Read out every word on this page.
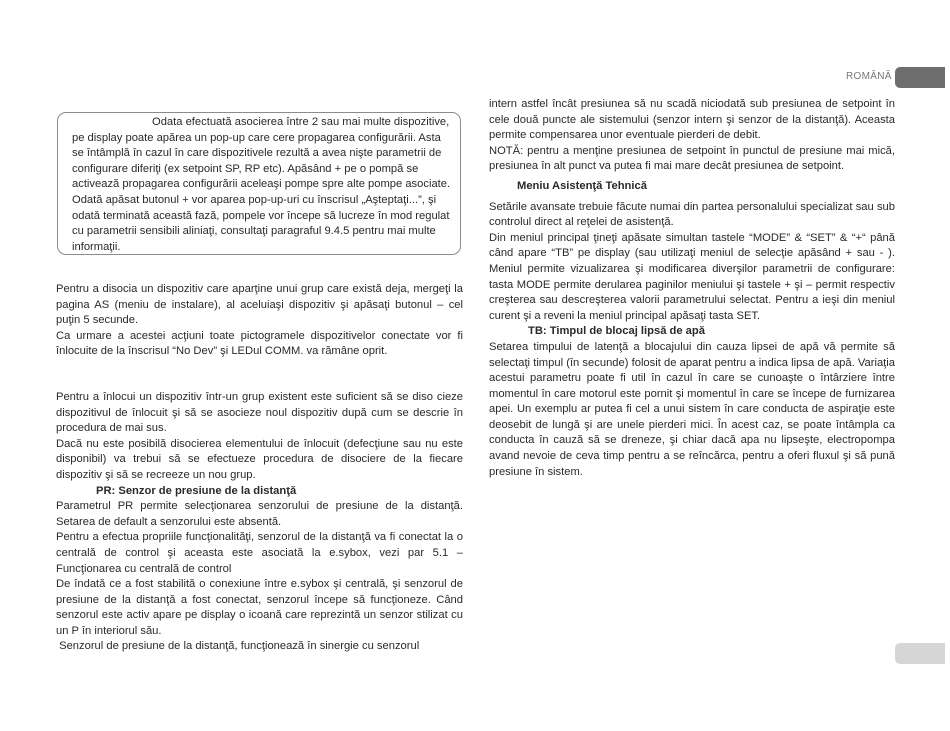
ROMÂNĂ

Odata efectuată asocierea între 2 sau mai multe dispozitive, pe display poate apărea un pop-up care cere propagarea configurării. Asta se întâmplă în cazul în care dispozitivele rezultă a avea nişte parametrii de configurare diferiţi (ex setpoint SP, RP etc). Apăsând + pe o pompă se activează propagarea configurării aceleaşi pompe spre alte pompe asociate. Odată apăsat butonul + vor aparea pop-up-uri cu înscrisul „Aşteptaţi...”, şi odată terminată această fază, pompele vor începe să lucreze în mod regulat cu parametrii sensibili aliniaţi, consultaţi paragraful 9.4.5 pentru mai multe informaţii.

Pentru a disocia un dispozitiv care aparţine unui grup care există deja, mergeţi la pagina AS (meniu de instalare), al aceluiaşi dispozitiv şi apăsaţi butonul – cel puţin 5 secunde.

Ca urmare a acestei acţiuni toate pictogramele dispozitivelor conectate vor fi înlocuite de la înscrisul “No Dev” şi LEDul COMM. va rămâne oprit.

Pentru a înlocui un dispozitiv într-un grup existent este suficient să se diso cieze dispozitivul de înlocuit şi să se asocieze noul dispozitiv după cum se descrie în procedura de mai sus.

Dacă nu este posibilă disocierea elementului de înlocuit (defecţiune sau nu este disponibil) va trebui să se efectueze procedura de disociere de la fiecare dispozitiv şi să se recreeze un nou grup.

PR: Senzor de presiune de la distanţă

Parametrul PR permite selecţionarea senzorului de presiune de la distanţă. Setarea de default a senzorului este absentă.

Pentru a efectua propriile funcţionalităţi, senzorul de la distanţă va fi conectat la o centrală de control şi aceasta este asociată la e.sybox, vezi par 5.1 – Funcţionarea cu centrală de control

De îndată ce a fost stabilită o conexiune între e.sybox şi centrală, şi senzorul de presiune de la distanţă a fost conectat, senzorul începe să funcţioneze. Când senzorul este activ apare pe display o icoană care reprezintă un senzor stilizat cu un P în interiorul său.

Senzorul de presiune de la distanţă, funcţionează în sinergie cu senzorul

intern astfel încât presiunea să nu scadă niciodată sub presiunea de setpoint în cele două puncte ale sistemului (senzor intern şi senzor de la distanţă). Aceasta permite compensarea unor eventuale pierderi de debit.

NOTĂ: pentru a menţine presiunea de setpoint în punctul de presiune mai mică, presiunea în alt punct va putea fi mai mare decât presiunea de setpoint.

Meniu Asistenţă Tehnică

Setările avansate trebuie făcute numai din partea personalului specializat sau sub controlul direct al reţelei de asistenţă.

Din meniul principal ţineţi apăsate simultan tastele “MODE” & “SET” & “+“ până când apare “TB” pe display (sau utilizaţi meniul de selecţie apăsând + sau - ). Meniul permite vizualizarea şi modificarea diverşilor parametrii de configurare: tasta MODE permite derularea paginilor meniului şi tastele + şi – permit respectiv creşterea sau descreşterea valorii parametrului selectat. Pentru a ieşi din meniul curent şi a reveni la meniul principal apăsaţi tasta SET.

TB: Timpul de blocaj lipsă de apă

Setarea timpului de latenţă a blocajului din cauza lipsei de apă vă permite să selectaţi timpul (în secunde) folosit de aparat pentru a indica lipsa de apă. Variaţia acestui parametru poate fi util în cazul în care se cunoaşte o întârziere între momentul în care motorul este pornit şi momentul în care se începe de furnizarea apei. Un exemplu ar putea fi cel a unui sistem în care conducta de aspiraţie este deosebit de lungă şi are unele pierderi mici. În acest caz, se poate întâmpla ca conducta în cauză să se dreneze, şi chiar dacă apa nu lipseşte, electropompa avand nevoie de ceva timp pentru a se reîncărca, pentru a oferi fluxul şi să pună presiune în sistem.
